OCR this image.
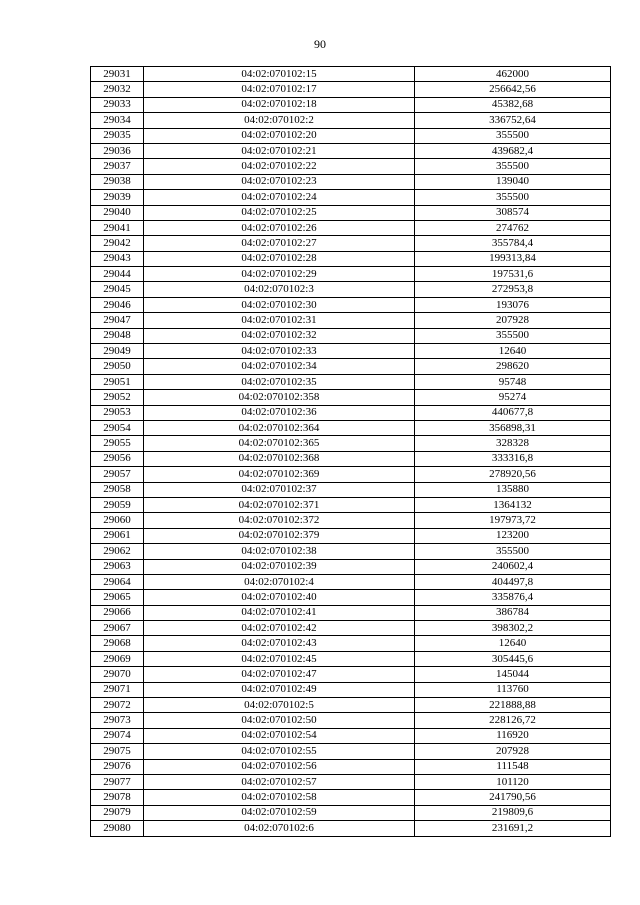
90
29031	04:02:070102:15	462000
29032	04:02:070102:17	256642,56
29033	04:02:070102:18	45382,68
29034	04:02:070102:2	336752,64
29035	04:02:070102:20	355500
29036	04:02:070102:21	439682,4
29037	04:02:070102:22	355500
29038	04:02:070102:23	139040
29039	04:02:070102:24	355500
29040	04:02:070102:25	308574
29041	04:02:070102:26	274762
29042	04:02:070102:27	355784,4
29043	04:02:070102:28	199313,84
29044	04:02:070102:29	197531,6
29045	04:02:070102:3	272953,8
29046	04:02:070102:30	193076
29047	04:02:070102:31	207928
29048	04:02:070102:32	355500
29049	04:02:070102:33	12640
29050	04:02:070102:34	298620
29051	04:02:070102:35	95748
29052	04:02:070102:358	95274
29053	04:02:070102:36	440677,8
29054	04:02:070102:364	356898,31
29055	04:02:070102:365	328328
29056	04:02:070102:368	333316,8
29057	04:02:070102:369	278920,56
29058	04:02:070102:37	135880
29059	04:02:070102:371	1364132
29060	04:02:070102:372	197973,72
29061	04:02:070102:379	123200
29062	04:02:070102:38	355500
29063	04:02:070102:39	240602,4
29064	04:02:070102:4	404497,8
29065	04:02:070102:40	335876,4
29066	04:02:070102:41	386784
29067	04:02:070102:42	398302,2
29068	04:02:070102:43	12640
29069	04:02:070102:45	305445,6
29070	04:02:070102:47	145044
29071	04:02:070102:49	113760
29072	04:02:070102:5	221888,88
29073	04:02:070102:50	228126,72
29074	04:02:070102:54	116920
29075	04:02:070102:55	207928
29076	04:02:070102:56	111548
29077	04:02:070102:57	101120
29078	04:02:070102:58	241790,56
29079	04:02:070102:59	219809,6
29080	04:02:070102:6	231691,2
